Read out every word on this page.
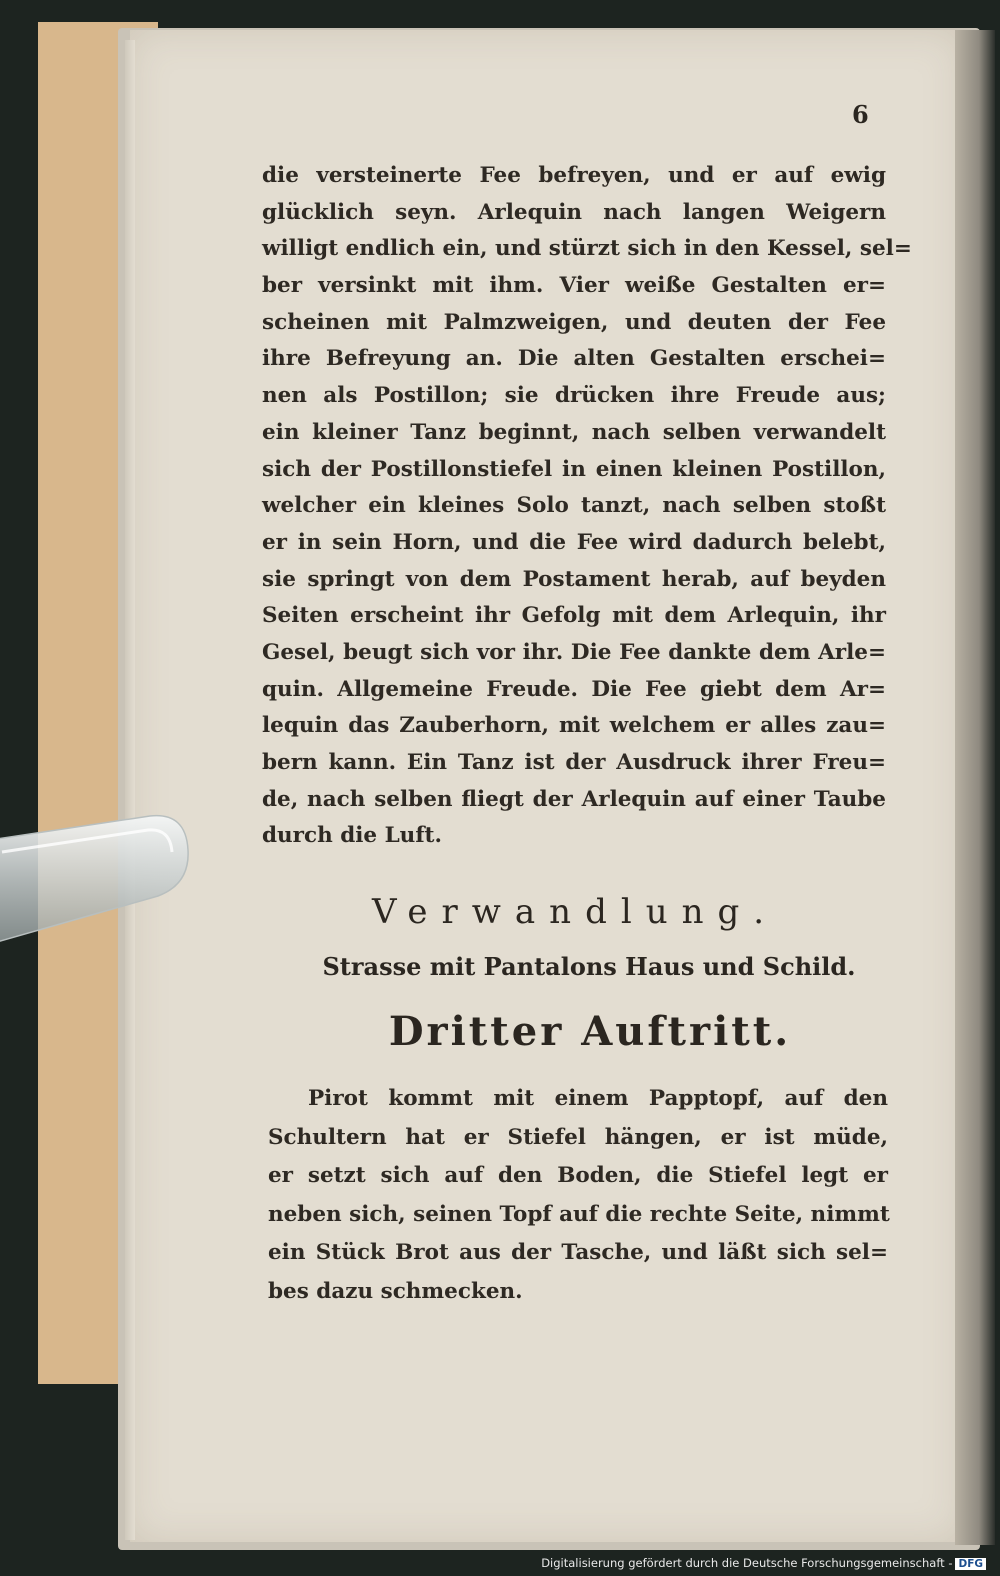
6
die versteinerte Fee befreyen, und er auf ewig
glücklich seyn. Arlequin nach langen Weigern
willigt endlich ein, und stürzt sich in den Kessel, sel=
ber versinkt mit ihm. Vier weiße Gestalten er=
scheinen mit Palmzweigen, und deuten der Fee
ihre Befreyung an. Die alten Gestalten erschei=
nen als Postillon; sie drücken ihre Freude aus;
ein kleiner Tanz beginnt, nach selben verwandelt
sich der Postillonstiefel in einen kleinen Postillon,
welcher ein kleines Solo tanzt, nach selben stoßt
er in sein Horn, und die Fee wird dadurch belebt,
sie springt von dem Postament herab, auf beyden
Seiten erscheint ihr Gefolg mit dem Arlequin, ihr
Gesel, beugt sich vor ihr. Die Fee dankte dem Arle=
quin. Allgemeine Freude. Die Fee giebt dem Ar=
lequin das Zauberhorn, mit welchem er alles zau=
bern kann. Ein Tanz ist der Ausdruck ihrer Freu=
de, nach selben fliegt der Arlequin auf einer Taube
durch die Luft.
Verwandlung.
Strasse mit Pantalons Haus und Schild.
Dritter Auftritt.
Pirot kommt mit einem Papptopf, auf den
Schultern hat er Stiefel hängen, er ist müde,
er setzt sich auf den Boden, die Stiefel legt er
neben sich, seinen Topf auf die rechte Seite, nimmt
ein Stück Brot aus der Tasche, und läßt sich sel=
bes dazu schmecken.
Digitalisierung gefördert durch die Deutsche Forschungsgemeinschaft - DFG
